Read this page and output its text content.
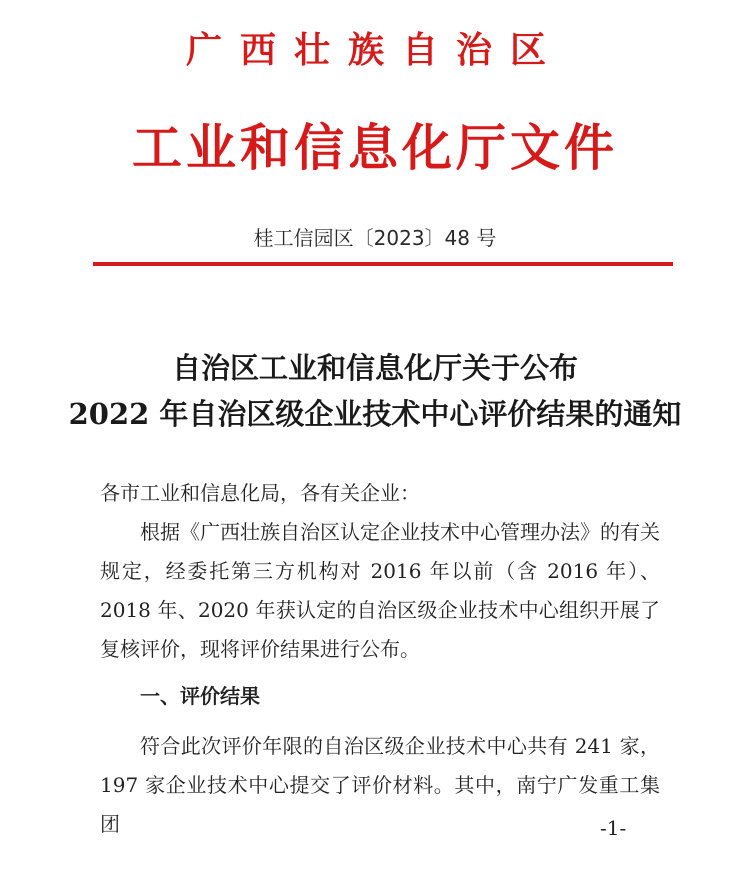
广西壮族自治区
工业和信息化厅文件
桂工信园区〔2023〕48 号
自治区工业和信息化厅关于公布
2022 年自治区级企业技术中心评价结果的通知
各市工业和信息化局，各有关企业：
根据《广西壮族自治区认定企业技术中心管理办法》的有关规定，经委托第三方机构对 2016 年以前（含 2016 年）、2018 年、2020 年获认定的自治区级企业技术中心组织开展了复核评价，现将评价结果进行公布。
一、评价结果
符合此次评价年限的自治区级企业技术中心共有 241 家，197 家企业技术中心提交了评价材料。其中，南宁广发重工集团	-1-
